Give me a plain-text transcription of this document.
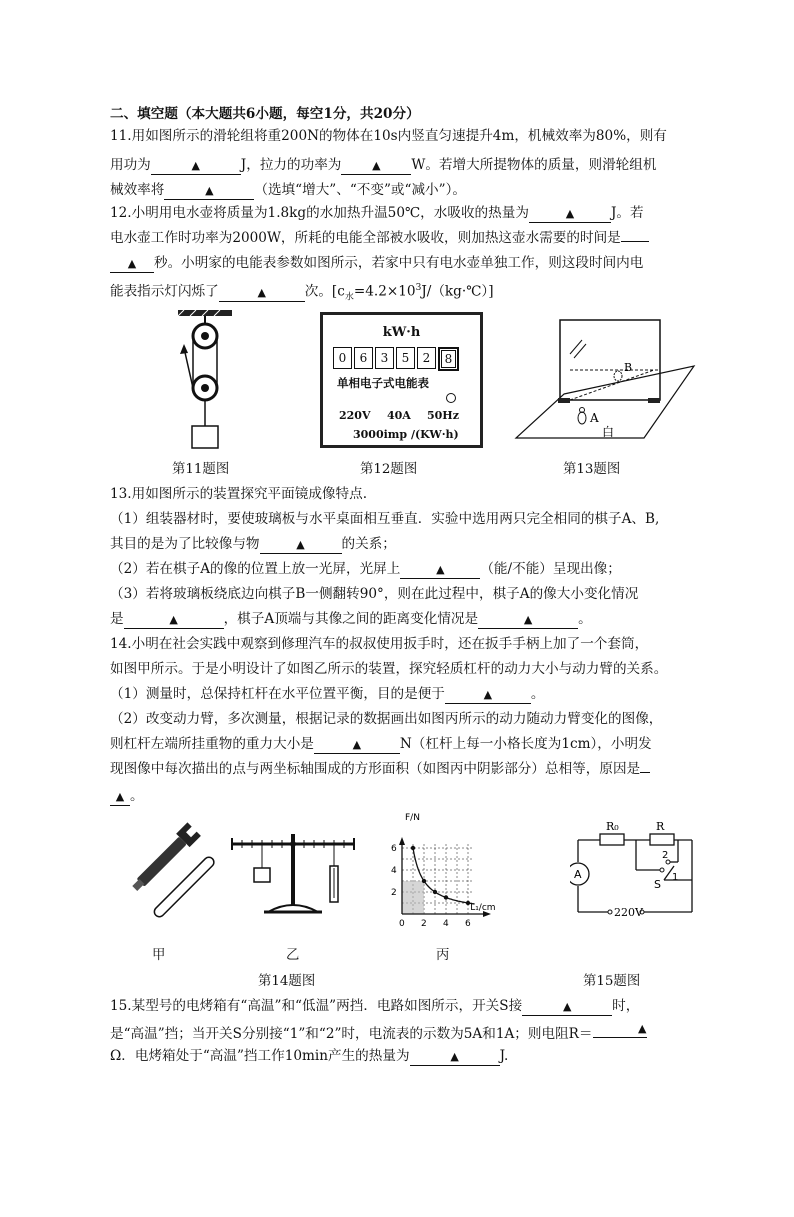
二、填空题（本大题共6小题，每空1分，共20分）
11.用如图所示的滑轮组将重200N的物体在10s内竖直匀速提升4m，机械效率为80%，则有
用功为	▲	J，拉力的功率为	▲ W。若增大所提物体的质量，则滑轮组机
械效率将	▲	（选填“增大”、“不变”或“减小”）。
12.小明用电水壶将质量为1.8kg的水加热升温50℃，水吸收的热量为	▲	J。若
电水壶工作时功率为2000W，所耗的电能全部被水吸收，则加热这壶水需要的时间是
▲ 秒。小明家的电能表参数如图所示，若家中只有电水壶单独工作，则这段时间内电
能表指示灯闪烁了	▲	次。$[c_水=4.2\times 10^3J/(kg\cdot℃)]$
kW·h
0	6	3	5	2	8
单相电子式电能表
220V 40A 50Hz
3000imp /(KW·h)
B
A
白
第11题图	第12题图	第13题图
13.用如图所示的装置探究平面镜成像特点.
（1）组装器材时，要使玻璃板与水平桌面相互垂直．实验中选用两只完全相同的棋子A、B,
其目的是为了比较像与物	▲	的关系；
（2）若在棋子A的像的位置上放一光屏，光屏上	▲	（能/不能）呈现出像；
（3）若将玻璃板绕底边向棋子B一侧翻转90°，则在此过程中，棋子A的像大小变化情况
是	▲	，棋子A顶端与其像之间的距离变化情况是	▲	。
14.小明在社会实践中观察到修理汽车的叔叔使用扳手时，还在扳手手柄上加了一个套筒，
如图甲所示。于是小明设计了如图乙所示的装置，探究轻质杠杆的动力大小与动力臂的关系。
（1）测量时，总保持杠杆在水平位置平衡，目的是便于	▲	。
（2）改变动力臂，多次测量，根据记录的数据画出如图丙所示的动力随动力臂变化的图像，
则杠杆左端所挂重物的重力大小是	▲	N（杠杆上每一小格长度为1cm），小明发
现图像中每次描出的点与两坐标轴围成的方形面积（如图丙中阴影部分）总相等，原因是
▲ 。
0 2 4 6
2
4
6
F/N
L₁/cm
R₀	R
A
2
1
S
220V
甲	乙	丙
第14题图	第15题图
15.某型号的电烤箱有“高温”和“低温”两挡．电路如图所示，开关S接	▲	时，
是“高温”挡；当开关S分别接“1”和“2”时，电流表的示数为5A和1A；则电阻R＝	▲
Ω．电烤箱处于“高温”挡工作10min产生的热量为	▲	J.
